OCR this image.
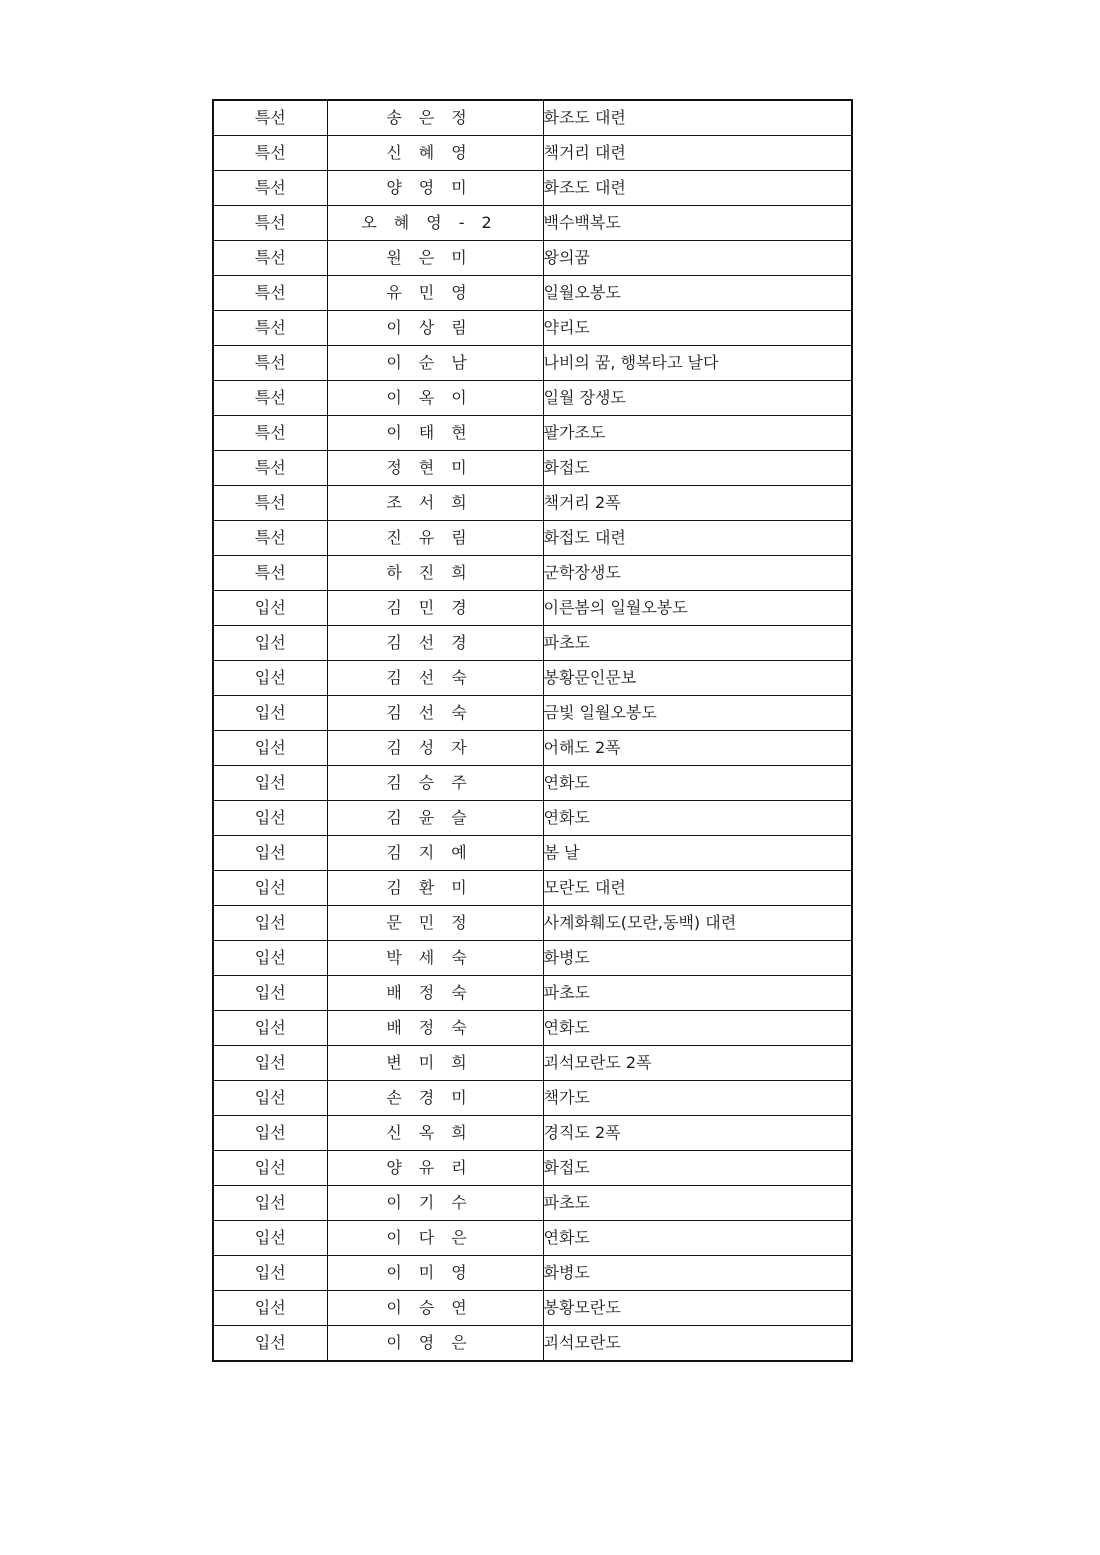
특선	송은정	화조도 대련
특선	신혜영	책거리 대련
특선	양영미	화조도 대련
특선	오혜영-2	백수백복도
특선	원은미	왕의꿈
특선	유민영	일월오봉도
특선	이상림	약리도
특선	이순남	나비의 꿈, 행복타고 날다
특선	이옥이	일월 장생도
특선	이태현	팔가조도
특선	정현미	화접도
특선	조서희	책거리 2폭
특선	진유림	화접도 대련
특선	하진희	군학장생도
입선	김민경	이른봄의 일월오봉도
입선	김선경	파초도
입선	김선숙	봉황문인문보
입선	김선숙	금빛 일월오봉도
입선	김성자	어해도 2폭
입선	김승주	연화도
입선	김윤슬	연화도
입선	김지예	봄 날
입선	김환미	모란도 대련
입선	문민정	사계화훼도(모란,동백) 대련
입선	박세숙	화병도
입선	배정숙	파초도
입선	배정숙	연화도
입선	변미희	괴석모란도 2폭
입선	손경미	책가도
입선	신옥희	경직도 2폭
입선	양유리	화접도
입선	이기수	파초도
입선	이다은	연화도
입선	이미영	화병도
입선	이승연	봉황모란도
입선	이영은	괴석모란도
